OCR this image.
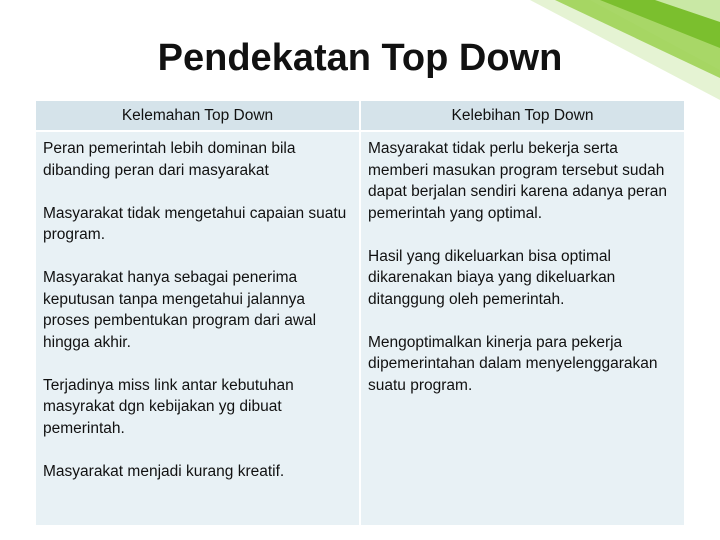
Pendekatan Top Down
Kelemahan Top Down	Kelebihan Top Down

Peran pemerintah lebih dominan bila dibanding peran dari masyarakat

Masyarakat tidak mengetahui capaian suatu program.

Masyarakat hanya sebagai penerima keputusan tanpa mengetahui jalannya proses pembentukan program dari awal hingga akhir.

Terjadinya miss link antar kebutuhan masyrakat dgn kebijakan yg dibuat pemerintah.

Masyarakat menjadi kurang kreatif.

Masyarakat tidak perlu bekerja serta memberi masukan program tersebut sudah dapat berjalan sendiri karena adanya peran pemerintah yang optimal.

Hasil yang dikeluarkan bisa optimal dikarenakan biaya yang dikeluarkan ditanggung oleh pemerintah.

Mengoptimalkan kinerja para pekerja dipemerintahan dalam menyelenggarakan suatu program.
